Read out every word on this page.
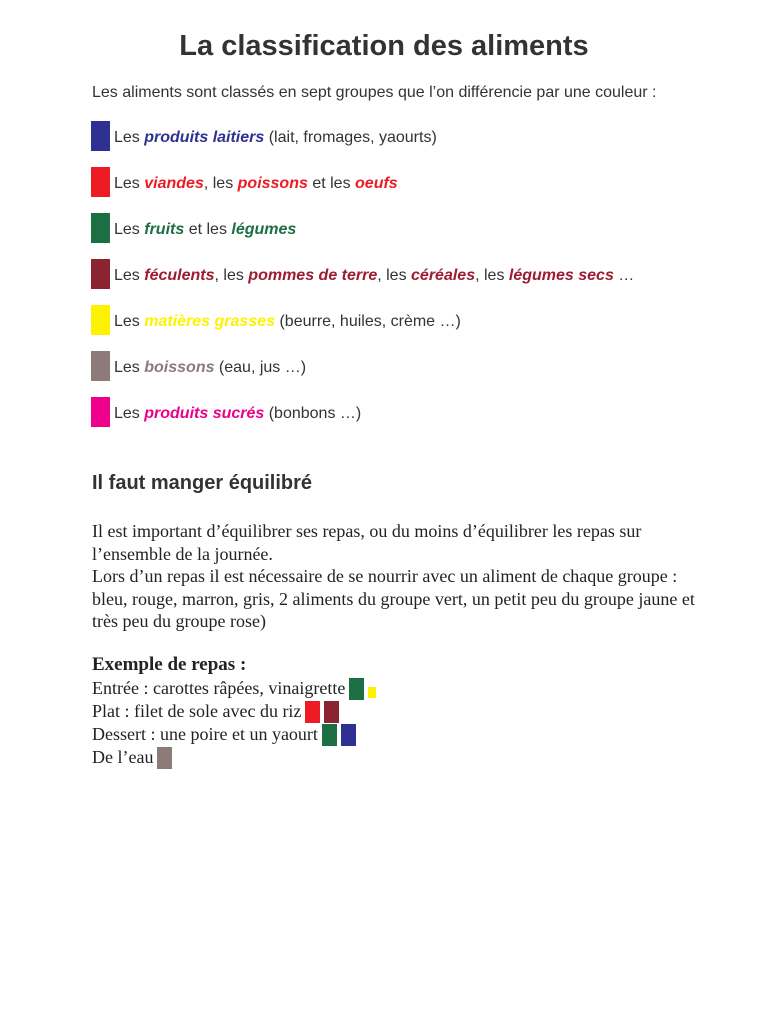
La classification des aliments
Les aliments sont classés en sept groupes que l’on différencie par une couleur :
Les produits laitiers (lait, fromages, yaourts)
Les viandes, les poissons et les oeufs
Les fruits et les légumes
Les féculents, les pommes de terre, les céréales, les légumes secs …
Les matières grasses (beurre, huiles, crème …)
Les boissons (eau, jus …)
Les produits sucrés (bonbons …)
Il faut manger équilibré

Il est important d’équilibrer ses repas, ou du moins d’équilibrer les repas sur l’ensemble de la journée.

Lors d’un repas il est nécessaire de se nourrir avec un aliment de chaque groupe : bleu, rouge, marron, gris, 2 aliments du groupe vert, un petit peu du groupe jaune et très peu du groupe rose)

Exemple de repas :
Entrée : carottes râpées, vinaigrette
Plat : filet de sole avec du riz
Dessert : une poire et un yaourt
De l’eau
